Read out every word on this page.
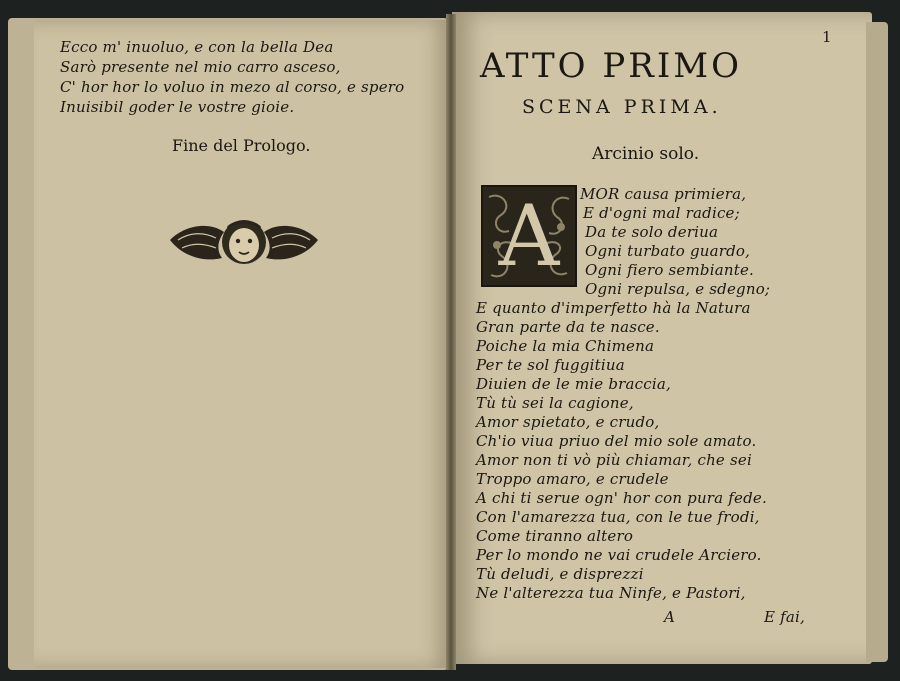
Ecco m' inuoluo, e con la bella Dea
Sarò presente nel mio carro asceso,
C' hor hor lo voluo in mezo al corso, e spero
Inuisibil goder le vostre gioie.
Fine del Prologo.
1
ATTO PRIMO
SCENA PRIMA.
Arcinio solo.
A	MOR causa primiera,
E d'ogni mal radice;
Da te solo deriua
Ogni turbato guardo,
Ogni fiero sembiante.
Ogni repulsa, e sdegno;
E quanto d'imperfetto hà la Natura
Gran parte da te nasce.
Poiche la mia Chimena
Per te sol fuggitiua
Diuien de le mie braccia,
Tù tù sei la cagione,
Amor spietato, e crudo,
Ch'io viua priuo del mio sole amato.
Amor non ti vò più chiamar, che sei
Troppo amaro, e crudele
A chi ti serue ogn' hor con pura fede.
Con l'amarezza tua, con le tue frodi,
Come tiranno altero
Per lo mondo ne vai crudele Arciero.
Tù deludi, e disprezzi
Ne l'alterezza tua Ninfe, e Pastori,
A	E fai,
